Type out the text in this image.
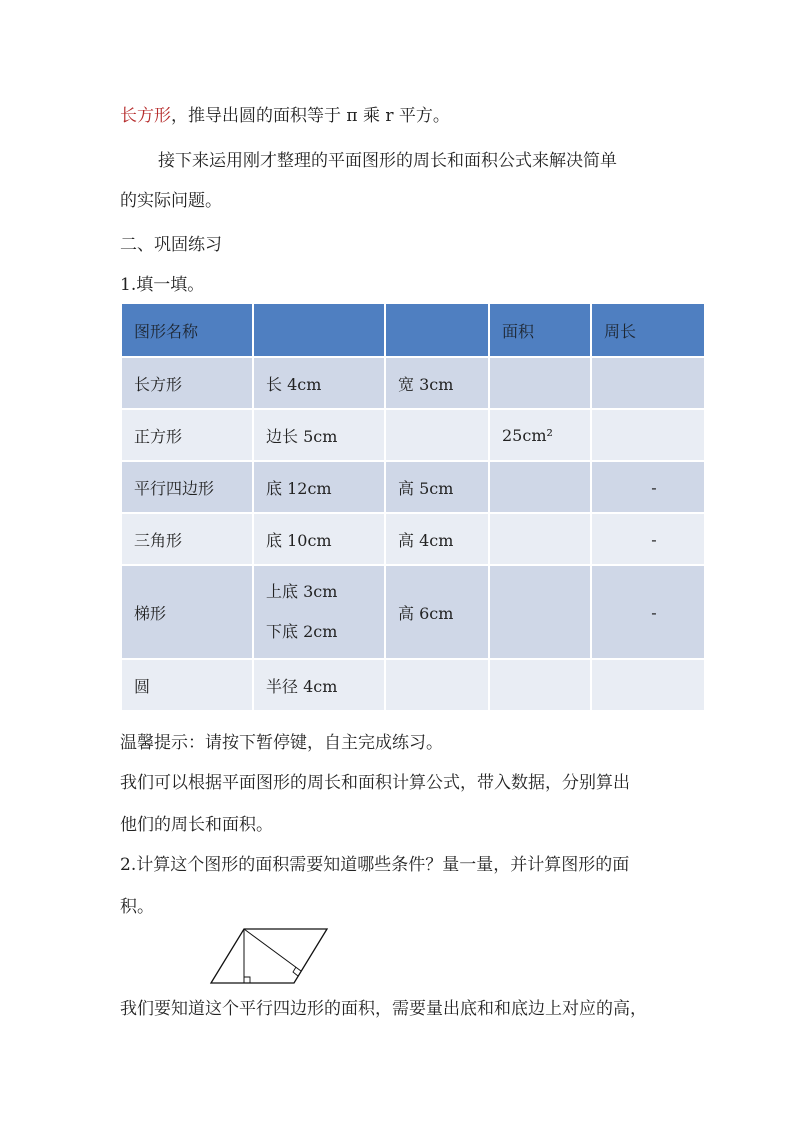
长方形，推导出圆的面积等于 π 乘 r 平方。
接下来运用刚才整理的平面图形的周长和面积公式来解决简单
的实际问题。
二、巩固练习
1.填一填。
图形名称			面积	周长
长方形	长 4cm	宽 3cm		
正方形	边长 5cm		25cm²	
平行四边形	底 12cm	高 5cm		-
三角形	底 10cm	高 4cm		-
梯形	上底 3cm
下底 2cm	高 6cm		-
圆	半径 4cm			
温馨提示：请按下暂停键，自主完成练习。
我们可以根据平面图形的周长和面积计算公式，带入数据，分别算出
他们的周长和面积。
2.计算这个图形的面积需要知道哪些条件？量一量，并计算图形的面
积。
我们要知道这个平行四边形的面积，需要量出底和和底边上对应的高，
